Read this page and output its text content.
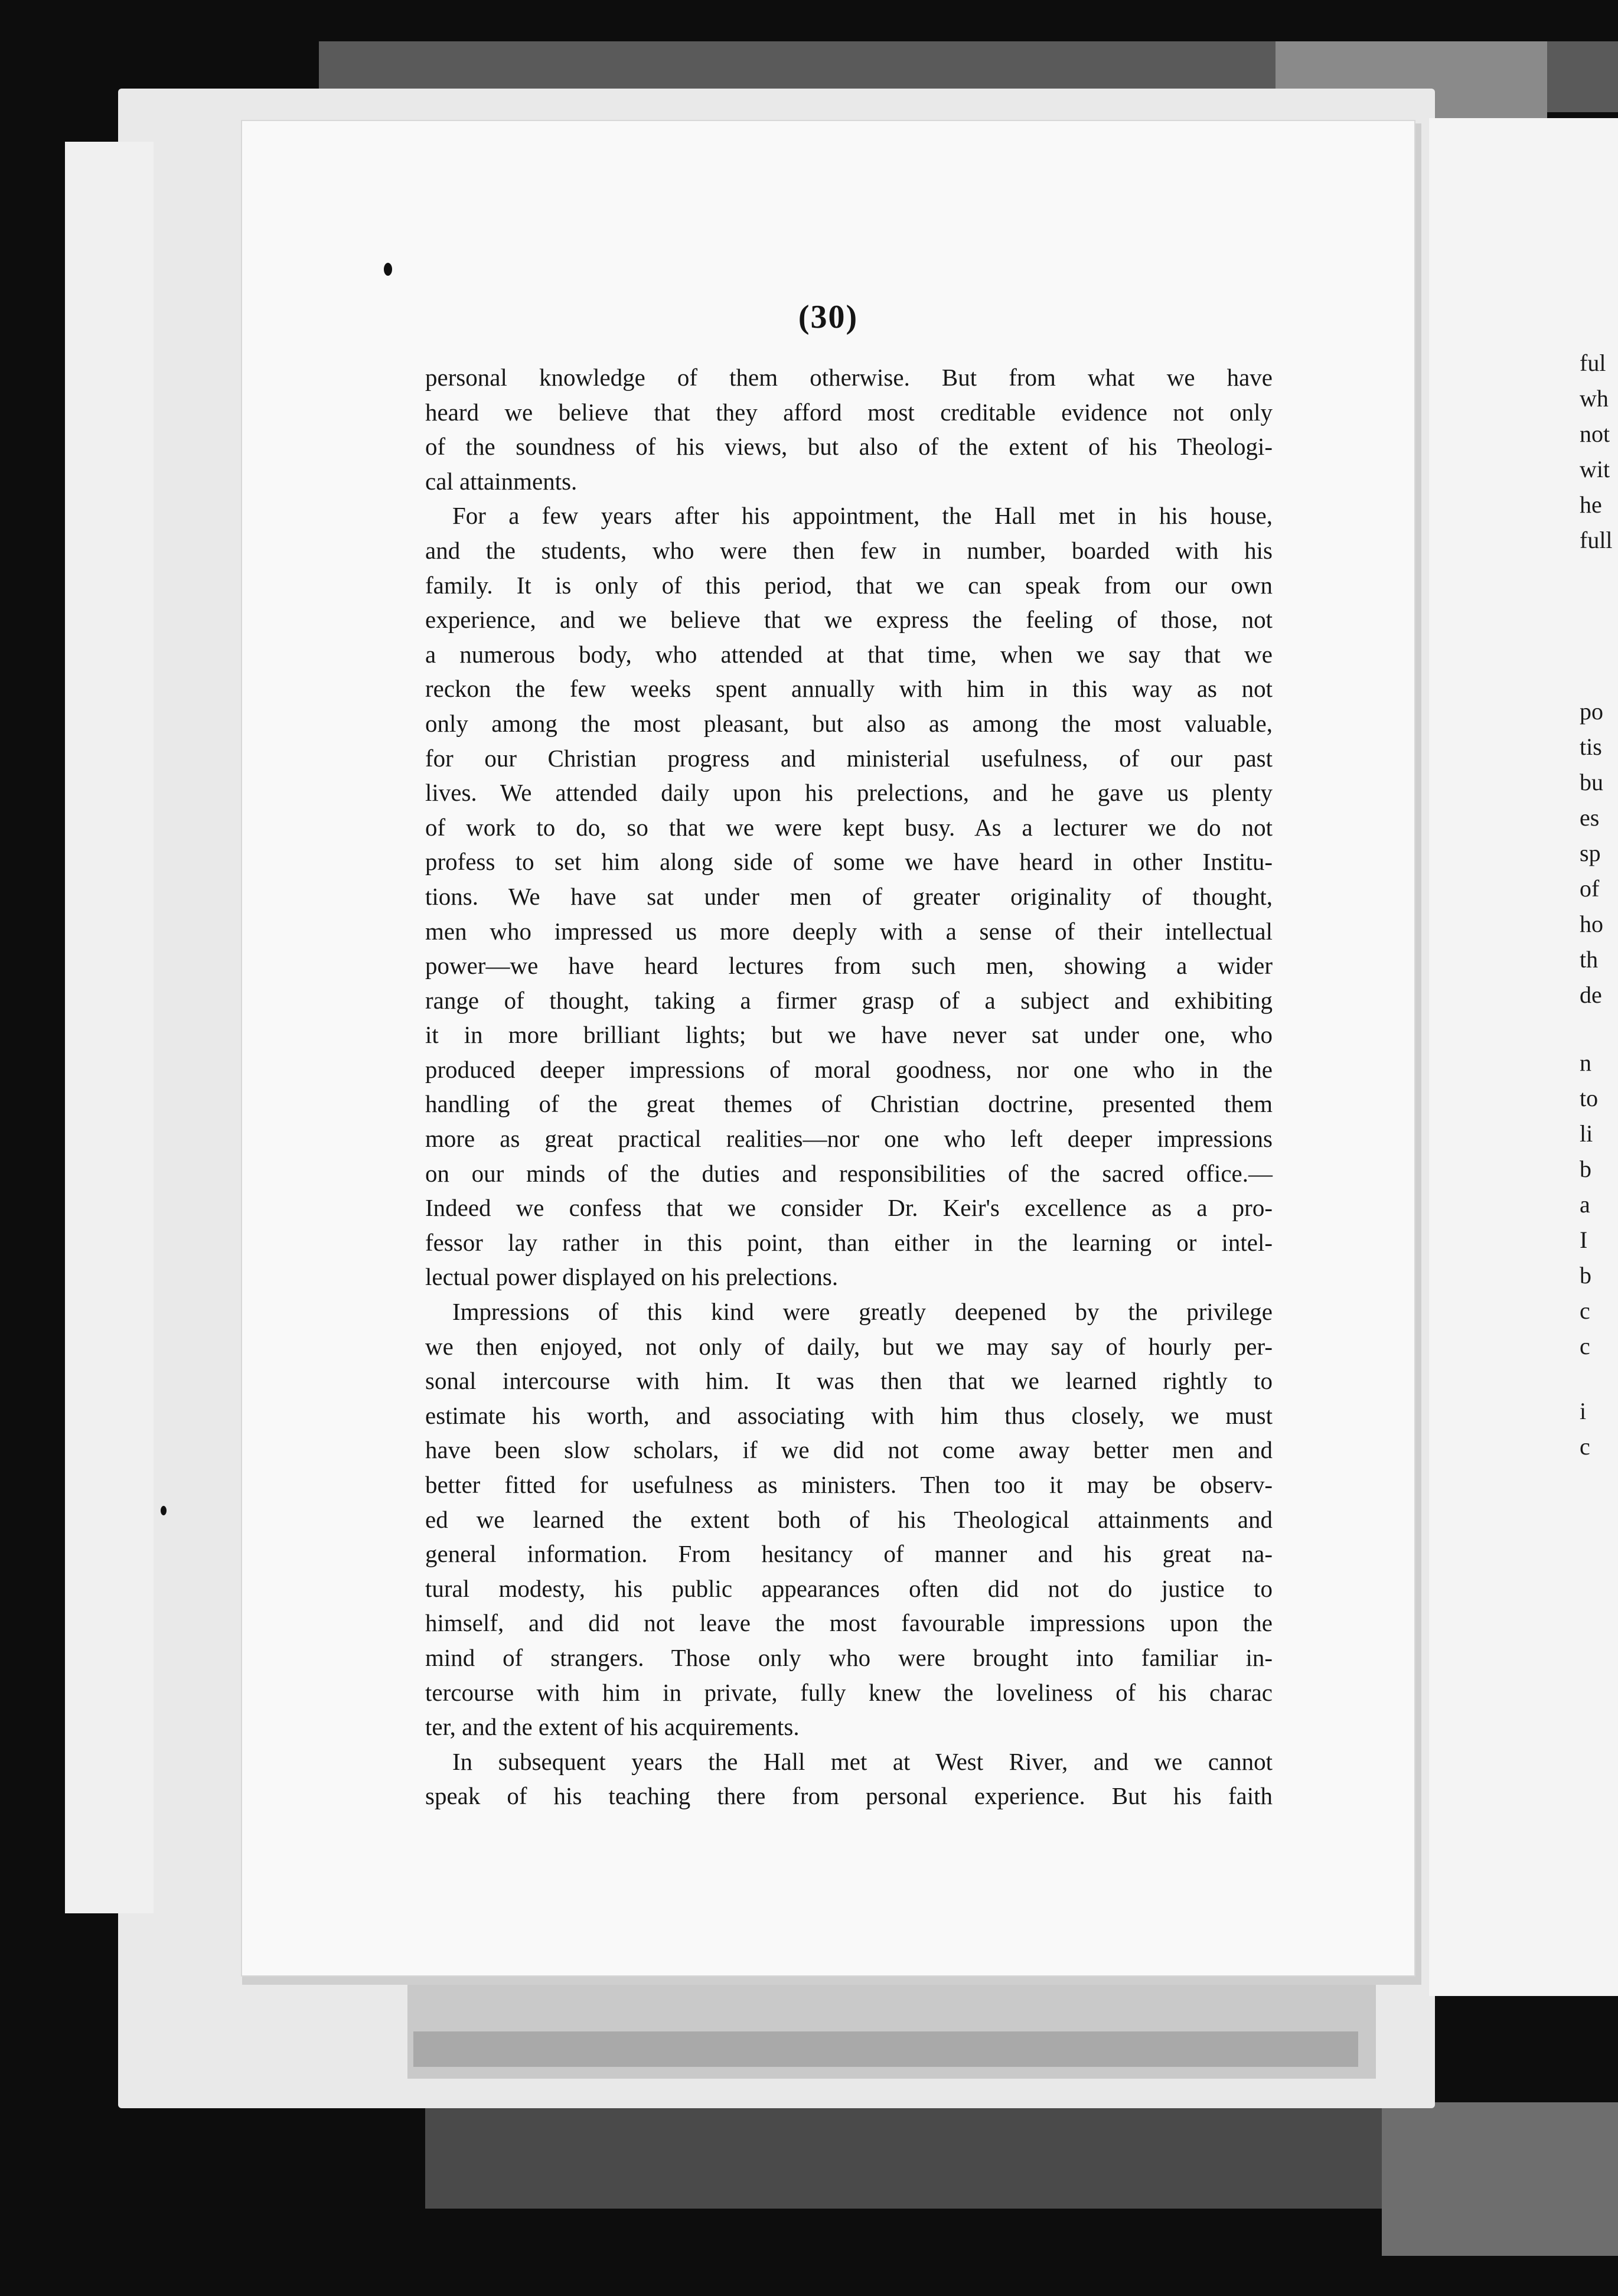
ful
wh
not
wit
he
full
po
tis
bu
es
sp
of
ho
th
de
n
to
li
b
a
I
b
c
c
i
c
(30)
personal knowledge of them otherwise. But from what we have
heard we believe that they afford most creditable evidence not only
of the soundness of his views, but also of the extent of his Theologi-
cal attainments.
For a few years after his appointment, the Hall met in his house,
and the students, who were then few in number, boarded with his
family. It is only of this period, that we can speak from our own
experience, and we believe that we express the feeling of those, not
a numerous body, who attended at that time, when we say that we
reckon the few weeks spent annually with him in this way as not
only among the most pleasant, but also as among the most valuable,
for our Christian progress and ministerial usefulness, of our past
lives. We attended daily upon his prelections, and he gave us plenty
of work to do, so that we were kept busy. As a lecturer we do not
profess to set him along side of some we have heard in other Institu-
tions. We have sat under men of greater originality of thought,
men who impressed us more deeply with a sense of their intellectual
power—we have heard lectures from such men, showing a wider
range of thought, taking a firmer grasp of a subject and exhibiting
it in more brilliant lights; but we have never sat under one, who
produced deeper impressions of moral goodness, nor one who in the
handling of the great themes of Christian doctrine, presented them
more as great practical realities—nor one who left deeper impressions
on our minds of the duties and responsibilities of the sacred office.—
Indeed we confess that we consider Dr. Keir's excellence as a pro-
fessor lay rather in this point, than either in the learning or intel-
lectual power displayed on his prelections.
Impressions of this kind were greatly deepened by the privilege
we then enjoyed, not only of daily, but we may say of hourly per-
sonal intercourse with him. It was then that we learned rightly to
estimate his worth, and associating with him thus closely, we must
have been slow scholars, if we did not come away better men and
better fitted for usefulness as ministers. Then too it may be observ-
ed we learned the extent both of his Theological attainments and
general information. From hesitancy of manner and his great na-
tural modesty, his public appearances often did not do justice to
himself, and did not leave the most favourable impressions upon the
mind of strangers. Those only who were brought into familiar in-
tercourse with him in private, fully knew the loveliness of his charac
ter, and the extent of his acquirements.
In subsequent years the Hall met at West River, and we cannot
speak of his teaching there from personal experience. But his faith
